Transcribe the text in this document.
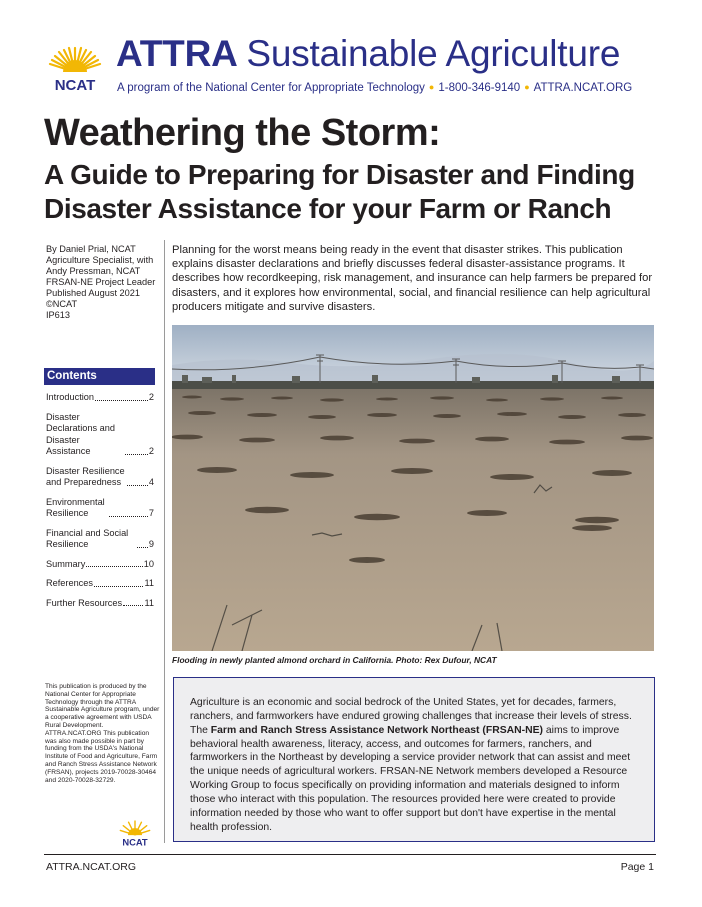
NCAT
ATTRA Sustainable Agriculture
A program of the National Center for Appropriate Technology ● 1-800-346-9140 ● ATTRA.NCAT.ORG
Weathering the Storm:
A Guide to Preparing for Disaster and Finding
Disaster Assistance for your Farm or Ranch
By Daniel Prial, NCAT
Agriculture Specialist, with
Andy Pressman, NCAT
FRSAN-NE Project Leader
Published August 2021
©NCAT
IP613
Contents
Introduction	2
Disaster Declarations and Disaster Assistance	2
Disaster Resilience and Preparedness	4
Environmental Resilience	7
Financial and Social Resilience	9
Summary	10
References	11
Further Resources 11
This publication is produced by the National Center for Appropriate Technology through the ATTRA Sustainable Agriculture program, under a cooperative agreement with USDA Rural Development. ATTRA.NCAT.ORG This publication was also made possible in part by funding from the USDA's National Institute of Food and Agriculture, Farm and Ranch Stress Assistance Network (FRSAN), projects 2019-70028-30464 and 2020-70028-32729.
NCAT
Planning for the worst means being ready in the event that disaster strikes. This publication explains disaster declarations and briefly discusses federal disaster-assistance programs. It describes how recordkeeping, risk management, and insurance can help farmers be prepared for disasters, and it explores how environmental, social, and financial resilience can help agricultural producers mitigate and survive disasters.
Flooding in newly planted almond orchard in California. Photo: Rex Dufour, NCAT
Agriculture is an economic and social bedrock of the United States, yet for decades, farmers, ranchers, and farmworkers have endured growing challenges that increase their levels of stress. The Farm and Ranch Stress Assistance Network Northeast (FRSAN-NE) aims to improve behavioral health awareness, literacy, access, and outcomes for farmers, ranchers, and farmworkers in the Northeast by developing a service provider network that can assist and meet the unique needs of agricultural workers. FRSAN-NE Network members developed a Resource Working Group to focus specifically on providing information and materials designed to inform those who interact with this population. The resources provided here were created to provide information needed by those who want to offer support but don't have expertise in the mental health profession.
ATTRA.NCAT.ORG	Page 1
